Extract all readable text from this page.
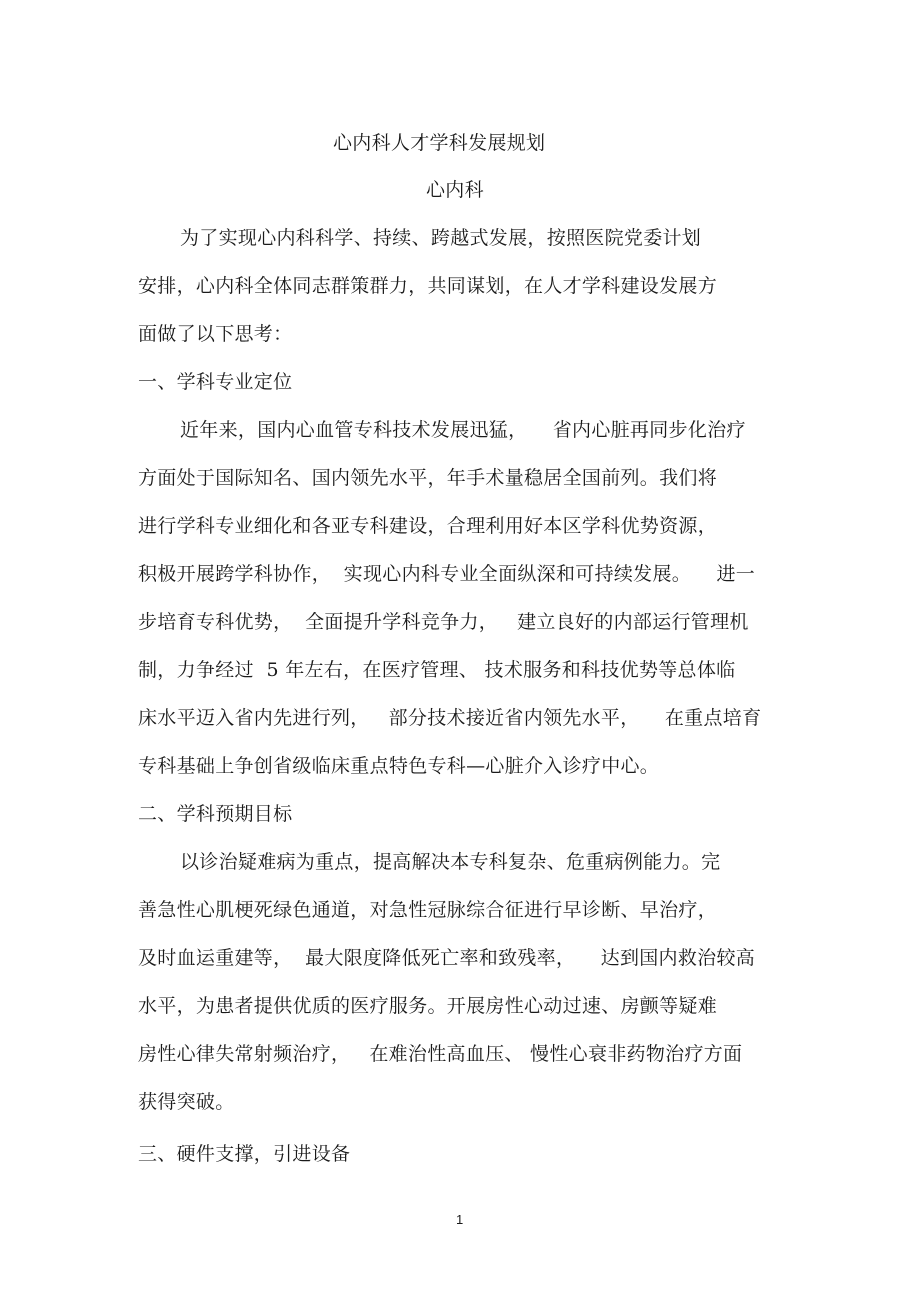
心内科人才学科发展规划
心内科
为了实现心内科科学、持续、跨越式发展，按照医院党委计划
安排，心内科全体同志群策群力，共同谋划，在人才学科建设发展方
面做了以下思考：
一、学科专业定位
近年来，国内心血管专科技术发展迅猛，    省内心脏再同步化治疗
方面处于国际知名、国内领先水平，年手术量稳居全国前列。我们将
进行学科专业细化和各亚专科建设，合理利用好本区学科优势资源，
积极开展跨学科协作，  实现心内科专业全面纵深和可持续发展。    进一
步培育专科优势，  全面提升学科竞争力，   建立良好的内部运行管理机
制，力争经过  5 年左右，在医疗管理、 技术服务和科技优势等总体临
床水平迈入省内先进行列，   部分技术接近省内领先水平，    在重点培育
专科基础上争创省级临床重点特色专科—心脏介入诊疗中心。
二、学科预期目标
以诊治疑难病为重点，提高解决本专科复杂、危重病例能力。完
善急性心肌梗死绿色通道，对急性冠脉综合征进行早诊断、早治疗，
及时血运重建等，  最大限度降低死亡率和致残率，    达到国内救治较高
水平，为患者提供优质的医疗服务。开展房性心动过速、房颤等疑难
房性心律失常射频治疗，   在难治性高血压、 慢性心衰非药物治疗方面
获得突破。
三、硬件支撑，引进设备
1
